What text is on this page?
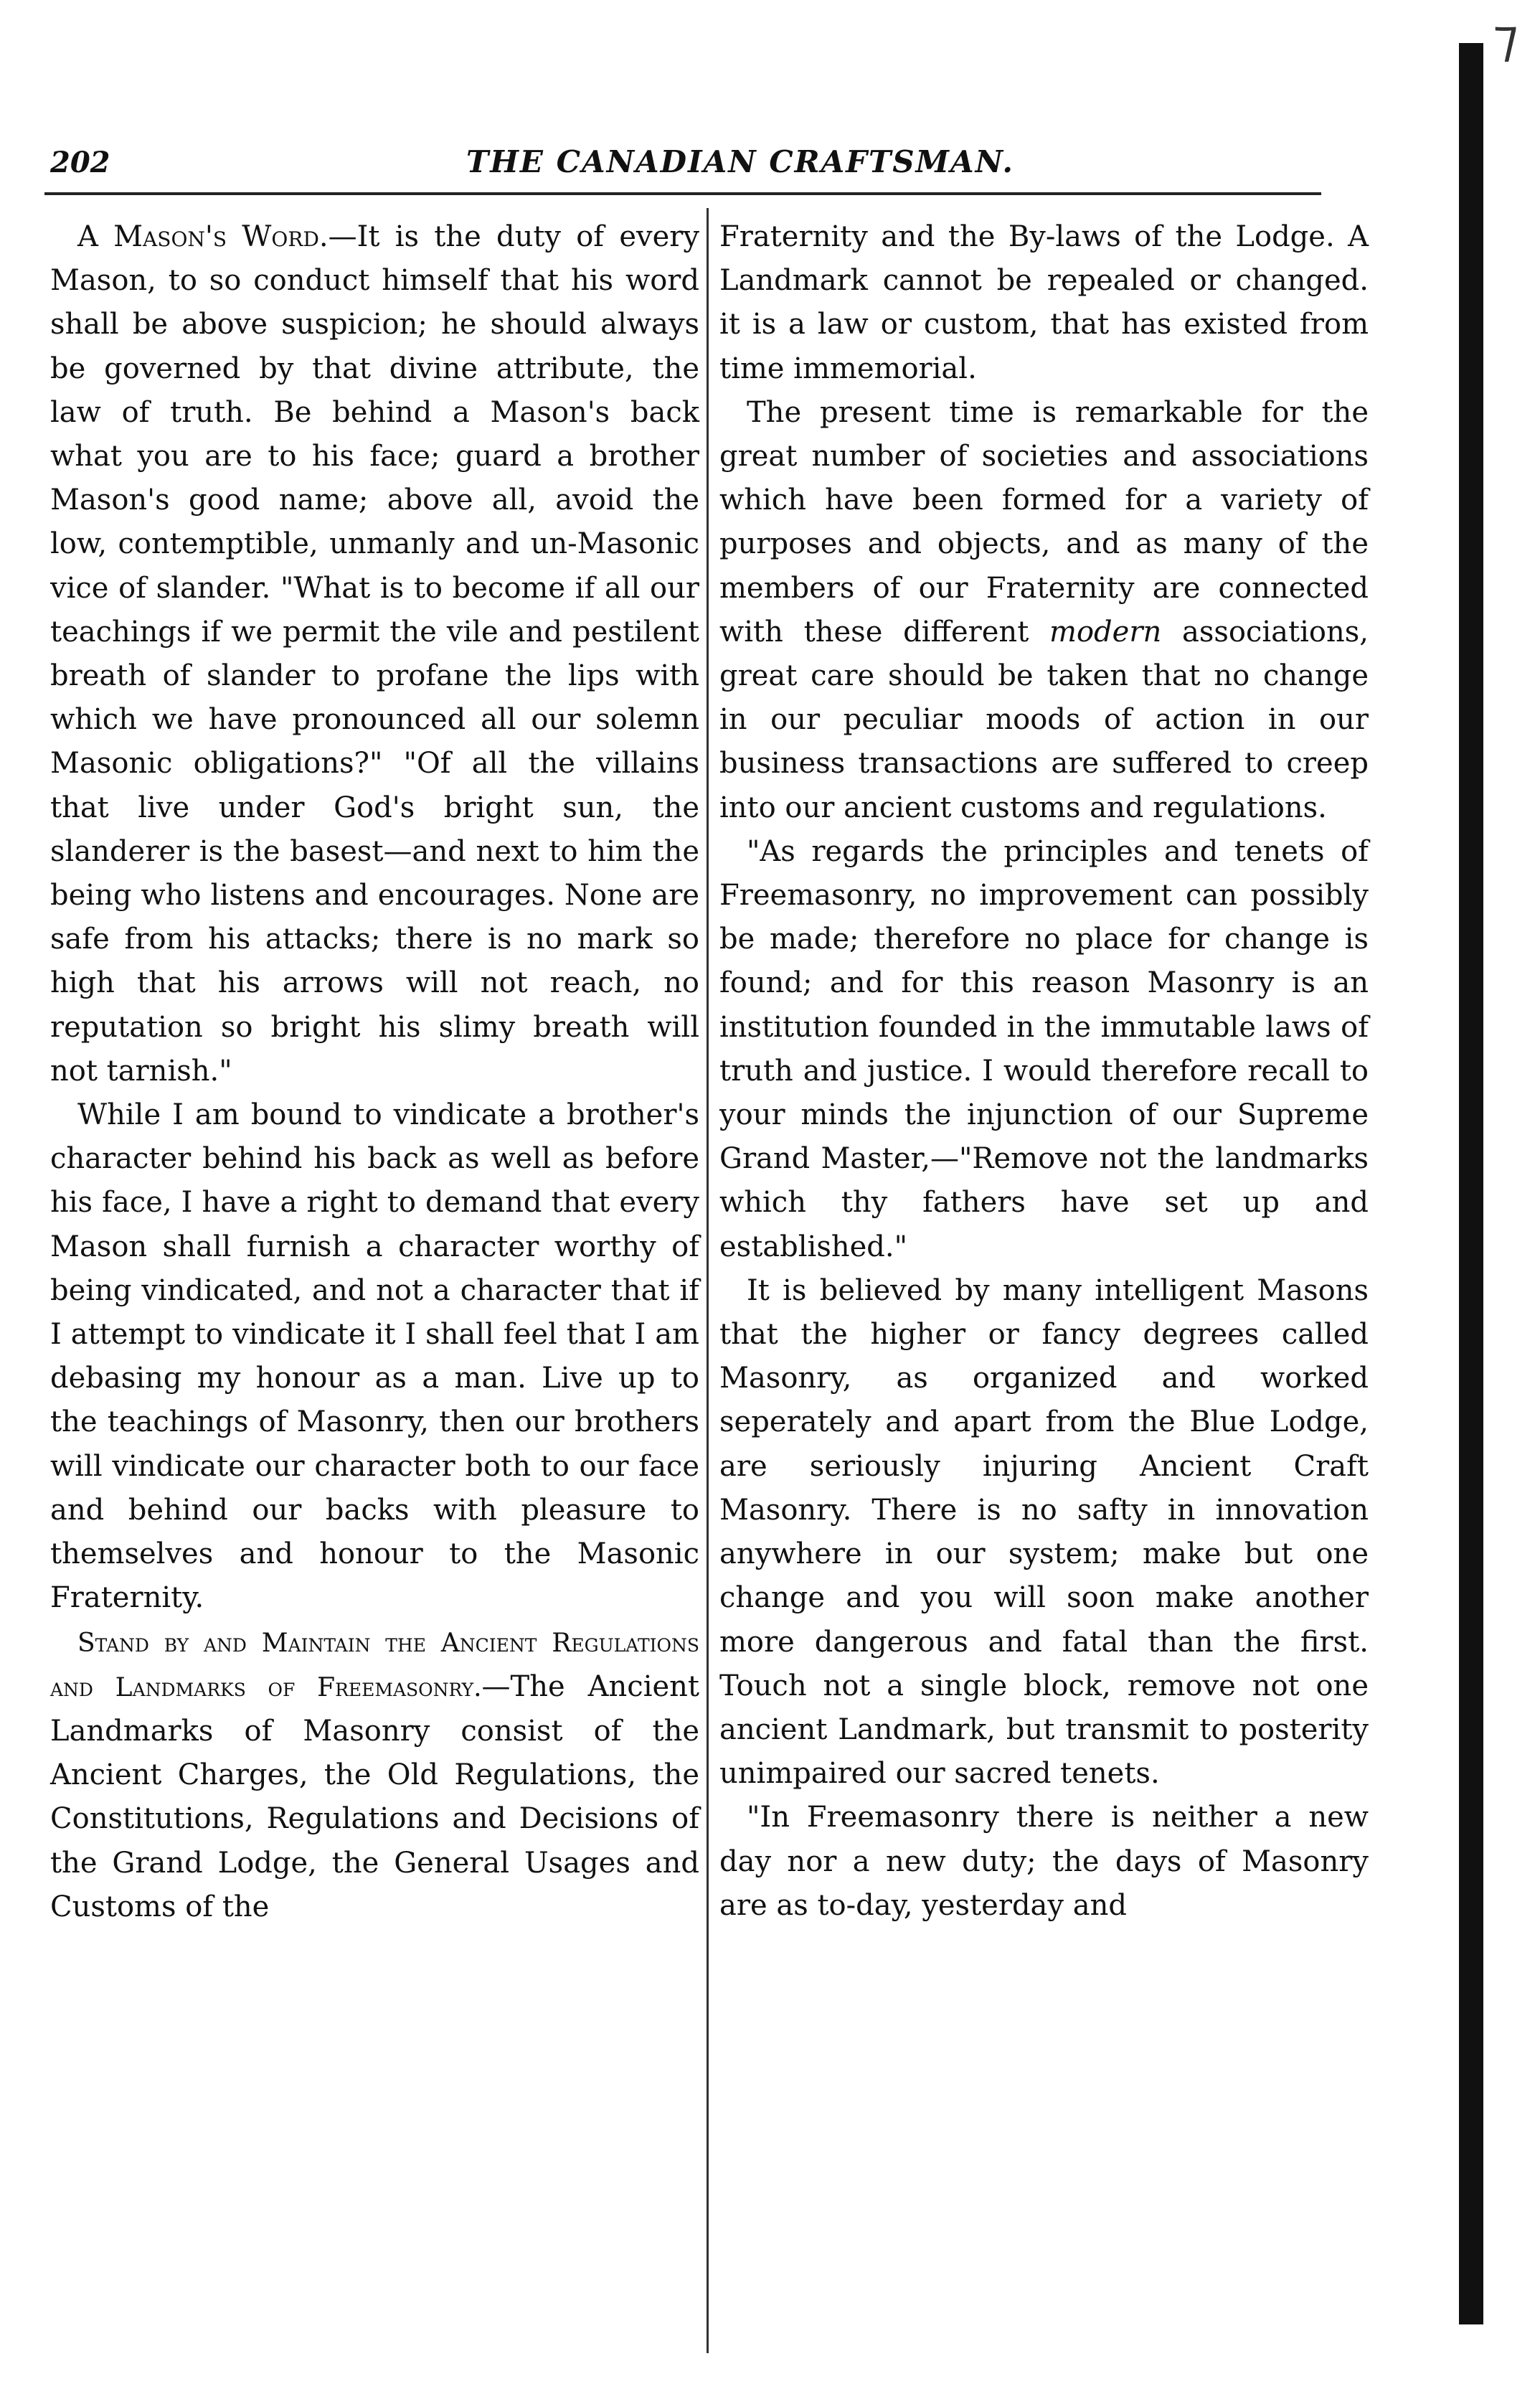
⁊
202	THE CANADIAN CRAFTSMAN.

A Mason's Word.—It is the duty of every Mason, to so conduct himself that his word shall be above suspicion; he should always be governed by that divine attribute, the law of truth. Be behind a Mason's back what you are to his face; guard a brother Mason's good name; above all, avoid the low, contemptible, unmanly and un-Masonic vice of slander. "What is to become if all our teachings if we permit the vile and pestilent breath of slander to profane the lips with which we have pronounced all our solemn Masonic obligations?" "Of all the villains that live under God's bright sun, the slanderer is the basest—and next to him the being who listens and encourages. None are safe from his attacks; there is no mark so high that his arrows will not reach, no reputation so bright his slimy breath will not tarnish."

While I am bound to vindicate a brother's character behind his back as well as before his face, I have a right to demand that every Mason shall furnish a character worthy of being vindicated, and not a character that if I attempt to vindicate it I shall feel that I am debasing my honour as a man. Live up to the teachings of Masonry, then our brothers will vindicate our character both to our face and behind our backs with pleasure to themselves and honour to the Masonic Fraternity.

Stand by and Maintain the Ancient Regulations and Landmarks of Freemasonry.—The Ancient Landmarks of Masonry consist of the Ancient Charges, the Old Regulations, the Constitutions, Regulations and Decisions of the Grand Lodge, the General Usages and Customs of the

Fraternity and the By-laws of the Lodge. A Landmark cannot be repealed or changed. it is a law or custom, that has existed from time immemorial.

The present time is remarkable for the great number of societies and associations which have been formed for a variety of purposes and objects, and as many of the members of our Fraternity are connected with these different modern associations, great care should be taken that no change in our peculiar moods of action in our business transactions are suffered to creep into our ancient customs and regulations.

"As regards the principles and tenets of Freemasonry, no improvement can possibly be made; therefore no place for change is found; and for this reason Masonry is an institution founded in the immutable laws of truth and justice. I would therefore recall to your minds the injunction of our Supreme Grand Master,—"Remove not the landmarks which thy fathers have set up and established."

It is believed by many intelligent Masons that the higher or fancy degrees called Masonry, as organized and worked seperately and apart from the Blue Lodge, are seriously injuring Ancient Craft Masonry. There is no safty in innovation anywhere in our system; make but one change and you will soon make another more dangerous and fatal than the first. Touch not a single block, remove not one ancient Landmark, but transmit to posterity unimpaired our sacred tenets.

"In Freemasonry there is neither a new day nor a new duty; the days of Masonry are as to-day, yesterday and
